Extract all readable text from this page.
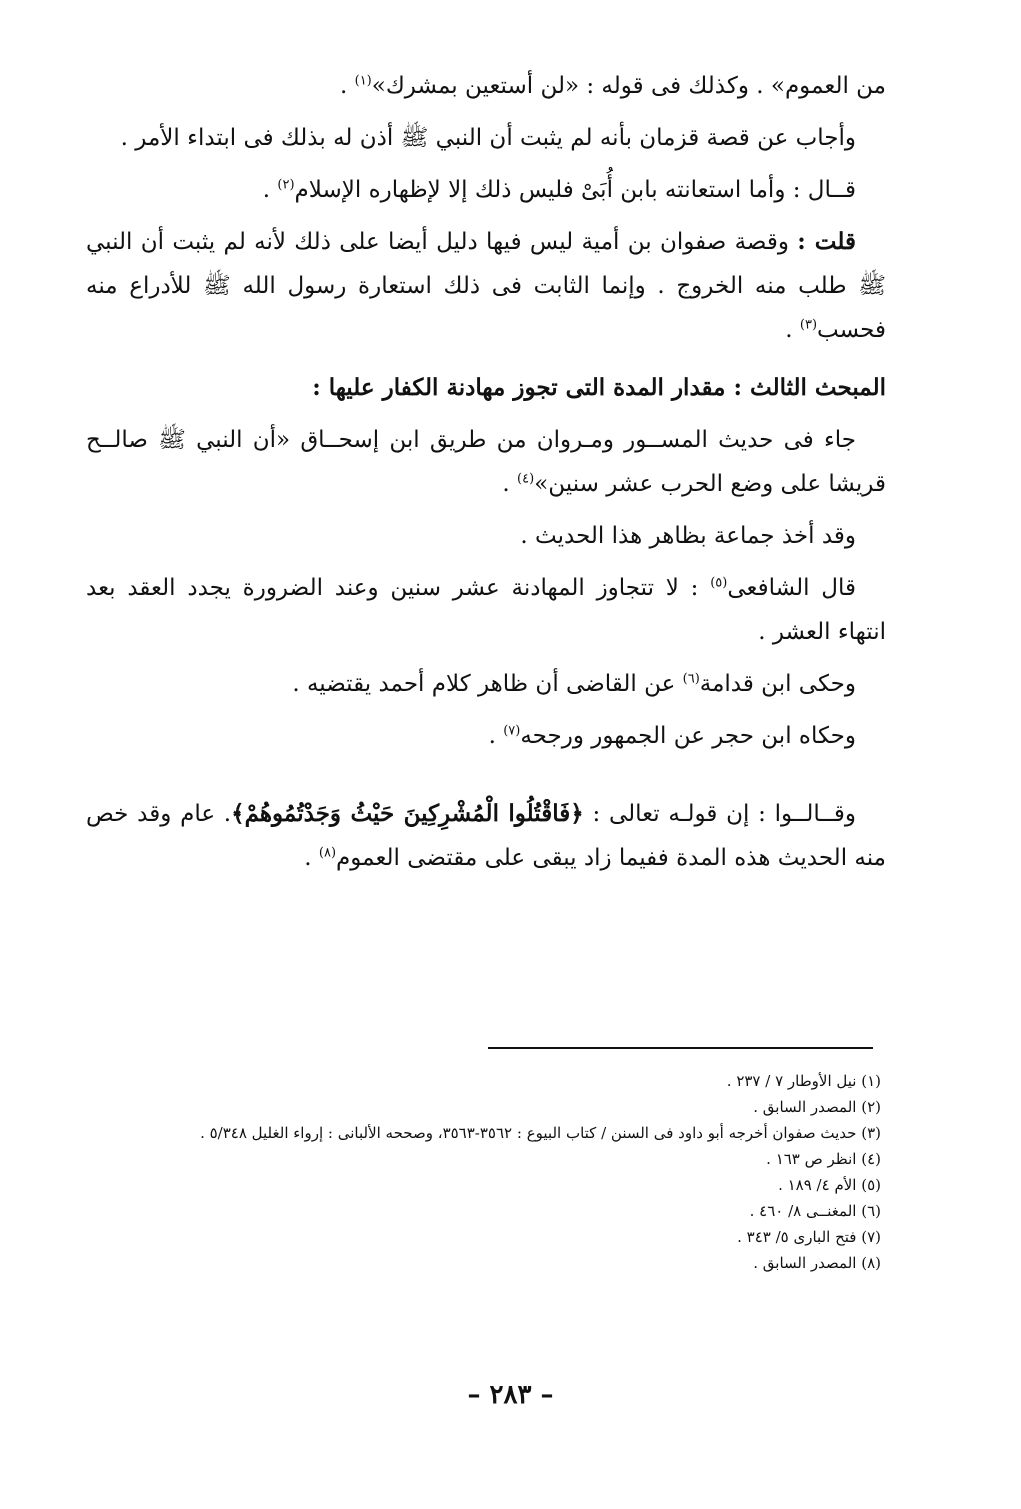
من العموم» . وكذلك فى قوله : «لن أستعين بمشرك»$^{(١)}$ .

وأجاب عن قصة قزمان بأنه لم يثبت أن النبي ﷺ أذن له بذلك فى ابتداء الأمر .

قــال : وأما استعانته بابن أُبَىْ فليس ذلك إلا لإظهاره الإسلام$^{(٢)}$ .

قلت : وقصة صفوان بن أمية ليس فيها دليل أيضا على ذلك لأنه لم يثبت أن النبي ﷺ طلب منه الخروج . وإنما الثابت فى ذلك استعارة رسول الله ﷺ للأدراع منه فحسب$^{(٣)}$ .

المبحث الثالث : مقدار المدة التى تجوز مهادنة الكفار عليها :

جاء فى حديث المســور ومـروان من طريق ابن إسحــاق «أن النبي ﷺ صالــح قريشا على وضع الحرب عشر سنين»$^{(٤)}$ .

وقد أخذ جماعة بظاهر هذا الحديث .

قال الشافعى$^{(٥)}$ : لا تتجاوز المهادنة عشر سنين وعند الضرورة يجدد العقد بعد انتهاء العشر .

وحكى ابن قدامة$^{(٦)}$ عن القاضى أن ظاهر كلام أحمد يقتضيه .

وحكاه ابن حجر عن الجمهور ورجحه$^{(٧)}$ .

وقــالــوا : إن قولـه تعالى : ﴿فَاقْتُلُوا الْمُشْرِكِينَ حَيْثُ وَجَدْتُمُوهُمْ﴾. عام وقد خص منه الحديث هذه المدة ففيما زاد يبقى على مقتضى العموم$^{(٨)}$ .

(١) نيل الأوطار ٧ / ٢٣٧ .

(٢) المصدر السابق .

(٣) حديث صفوان أخرجه أبو داود فى السنن / كتاب البيوع : ٣٥٦٢-٣٥٦٣، وصححه الألبانى : إرواء الغليل ٥/٣٤٨ .

(٤) انظر ص ١٦٣ .

(٥) الأم ٤/ ١٨٩ .

(٦) المغنــى ٨/ ٤٦٠ .

(٧) فتح البارى ٥/ ٣٤٣ .

(٨) المصدر السابق .

– ٢٨٣ –
